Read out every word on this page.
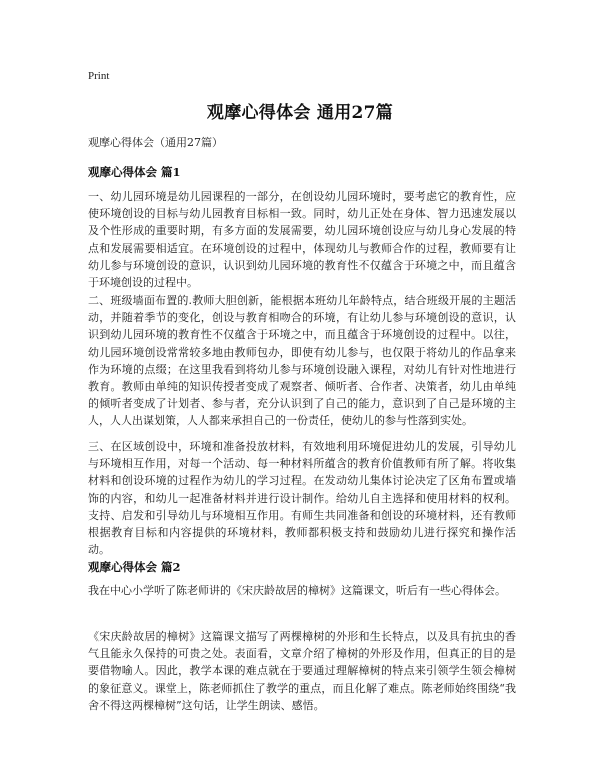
Print
观摩心得体会 通用27篇
观摩心得体会（通用27篇）
观摩心得体会 篇1
一、幼儿园环境是幼儿园课程的一部分，在创设幼儿园环境时，要考虑它的教育性，应使环境创设的目标与幼儿园教育目标相一致。同时，幼儿正处在身体、智力迅速发展以及个性形成的重要时期，有多方面的发展需要，幼儿园环境创设应与幼儿身心发展的特点和发展需要相适宜。在环境创设的过程中，体现幼儿与教师合作的过程，教师要有让幼儿参与环境创设的意识，认识到幼儿园环境的教育性不仅蕴含于环境之中，而且蕴含于环境创设的过程中。
二、班级墙面布置的.教师大胆创新，能根据本班幼儿年龄特点，结合班级开展的主题活动，并随着季节的变化，创设与教育相吻合的环境，有让幼儿参与环境创设的意识，认识到幼儿园环境的教育性不仅蕴含于环境之中，而且蕴含于环境创设的过程中。以往，幼儿园环境创设常常较多地由教师包办，即使有幼儿参与，也仅限于将幼儿的作品拿来作为环境的点缀；在这里我看到将幼儿参与环境创设融入课程，对幼儿有针对性地进行教育。教师由单纯的知识传授者变成了观察者、倾听者、合作者、决策者，幼儿由单纯的倾听者变成了计划者、参与者，充分认识到了自己的能力，意识到了自己是环境的主人，人人出谋划策，人人都来承担自己的一份责任，使幼儿的参与性落到实处。
三、在区域创设中，环境和准备投放材料，有效地利用环境促进幼儿的发展，引导幼儿与环境相互作用，对每一个活动、每一种材料所蕴含的教育价值教师有所了解。将收集材料和创设环境的过程作为幼儿的学习过程。在发动幼儿集体讨论决定了区角布置或墙饰的内容，和幼儿一起准备材料并进行设计制作。给幼儿自主选择和使用材料的权利。支持、启发和引导幼儿与环境相互作用。有师生共同准备和创设的环境材料，还有教师根据教育目标和内容提供的环境材料，教师都积极支持和鼓励幼儿进行探究和操作活动。
观摩心得体会 篇2
我在中心小学听了陈老师讲的《宋庆龄故居的樟树》这篇课文，听后有一些心得体会。
《宋庆龄故居的樟树》这篇课文描写了两棵樟树的外形和生长特点，以及具有抗虫的香气且能永久保持的可贵之处。表面看，文章介绍了樟树的外形及作用，但真正的目的是要借物喻人。因此，教学本课的难点就在于要通过理解樟树的特点来引领学生领会樟树的象征意义。课堂上，陈老师抓住了教学的重点，而且化解了难点。陈老师始终围绕“我舍不得这两棵樟树”这句话，让学生朗读、感悟。
